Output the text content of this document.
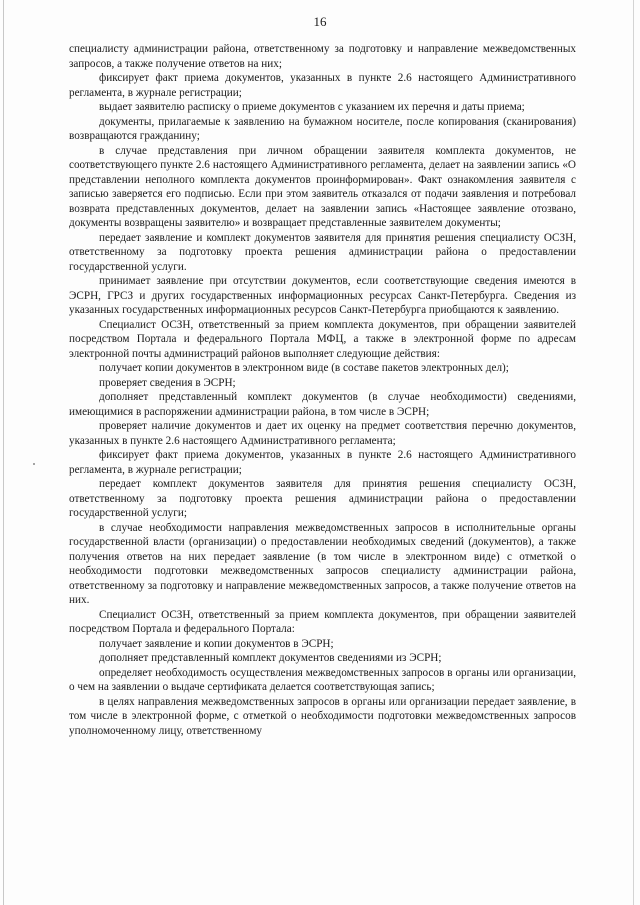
16

специалисту администрации района, ответственному за подготовку и направление межведомственных запросов, а также получение ответов на них;

фиксирует факт приема документов, указанных в пункте 2.6 настоящего Административного регламента, в журнале регистрации;

выдает заявителю расписку о приеме документов с указанием их перечня и даты приема;

документы, прилагаемые к заявлению на бумажном носителе, после копирования (сканирования) возвращаются гражданину;

в случае представления при личном обращении заявителя комплекта документов, не соответствующего пункте 2.6 настоящего Административного регламента, делает на заявлении запись «О представлении неполного комплекта документов проинформирован». Факт ознакомления заявителя с записью заверяется его подписью. Если при этом заявитель отказался от подачи заявления и потребовал возврата представленных документов, делает на заявлении запись «Настоящее заявление отозвано, документы возвращены заявителю» и возвращает представленные заявителем документы;

передает заявление и комплект документов заявителя для принятия решения специалисту ОСЗН, ответственному за подготовку проекта решения администрации района о предоставлении государственной услуги.

принимает заявление при отсутствии документов, если соответствующие сведения имеются в ЭСРН, ГРСЗ и других государственных информационных ресурсах Санкт-Петербурга. Сведения из указанных государственных информационных ресурсов Санкт-Петербурга приобщаются к заявлению.

Специалист ОСЗН, ответственный за прием комплекта документов, при обращении заявителей посредством Портала и федерального Портала МФЦ, а также в электронной форме по адресам электронной почты администраций районов выполняет следующие действия:

получает копии документов в электронном виде (в составе пакетов электронных дел);

проверяет сведения в ЭСРН;

дополняет представленный комплект документов (в случае необходимости) сведениями, имеющимися в распоряжении администрации района, в том числе в ЭСРН;

проверяет наличие документов и дает их оценку на предмет соответствия перечню документов, указанных в пункте 2.6 настоящего Административного регламента;

фиксирует факт приема документов, указанных в пункте 2.6 настоящего Административного регламента, в журнале регистрации;

передает комплект документов заявителя для принятия решения специалисту ОСЗН, ответственному за подготовку проекта решения администрации района о предоставлении государственной услуги;

в случае необходимости направления межведомственных запросов в исполнительные органы государственной власти (организации) о предоставлении необходимых сведений (документов), а также получения ответов на них передает заявление (в том числе в электронном виде) с отметкой о необходимости подготовки межведомственных запросов специалисту администрации района, ответственному за подготовку и направление межведомственных запросов, а также получение ответов на них.

Специалист ОСЗН, ответственный за прием комплекта документов, при обращении заявителей посредством Портала и федерального Портала:

получает заявление и копии документов в ЭСРН;

дополняет представленный комплект документов сведениями из ЭСРН;

определяет необходимость осуществления межведомственных запросов в органы или организации, о чем на заявлении о выдаче сертификата делается соответствующая запись;

в целях направления межведомственных запросов в органы или организации передает заявление, в том числе в электронной форме, с отметкой о необходимости подготовки межведомственных запросов уполномоченному лицу, ответственному
